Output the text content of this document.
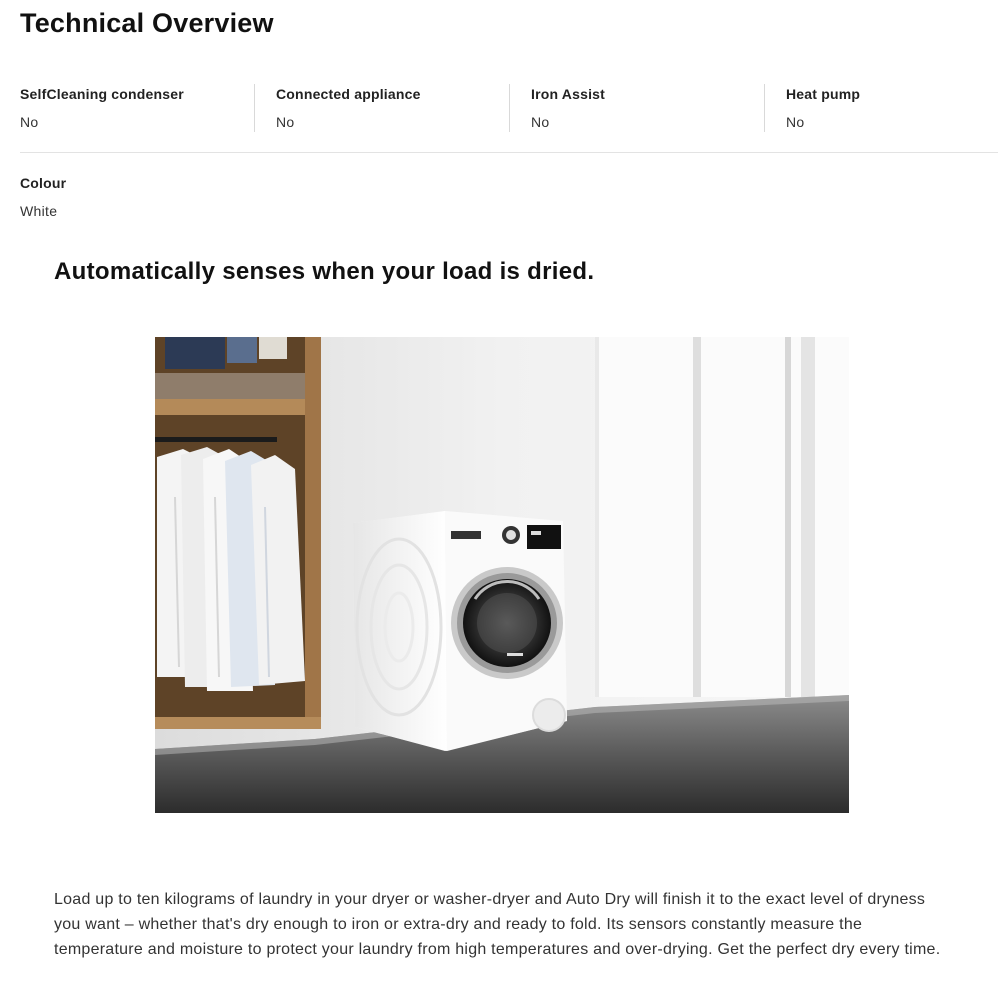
Technical Overview
SelfCleaning condenser
No
Connected appliance
No
Iron Assist
No
Heat pump
No
Colour
White
Automatically senses when your load is dried.

Load up to ten kilograms of laundry in your dryer or washer-dryer and Auto Dry will finish it to the exact level of dryness you want – whether that's dry enough to iron or extra-dry and ready to fold. Its sensors constantly measure the temperature and moisture to protect your laundry from high temperatures and over-drying. Get the perfect dry every time.
